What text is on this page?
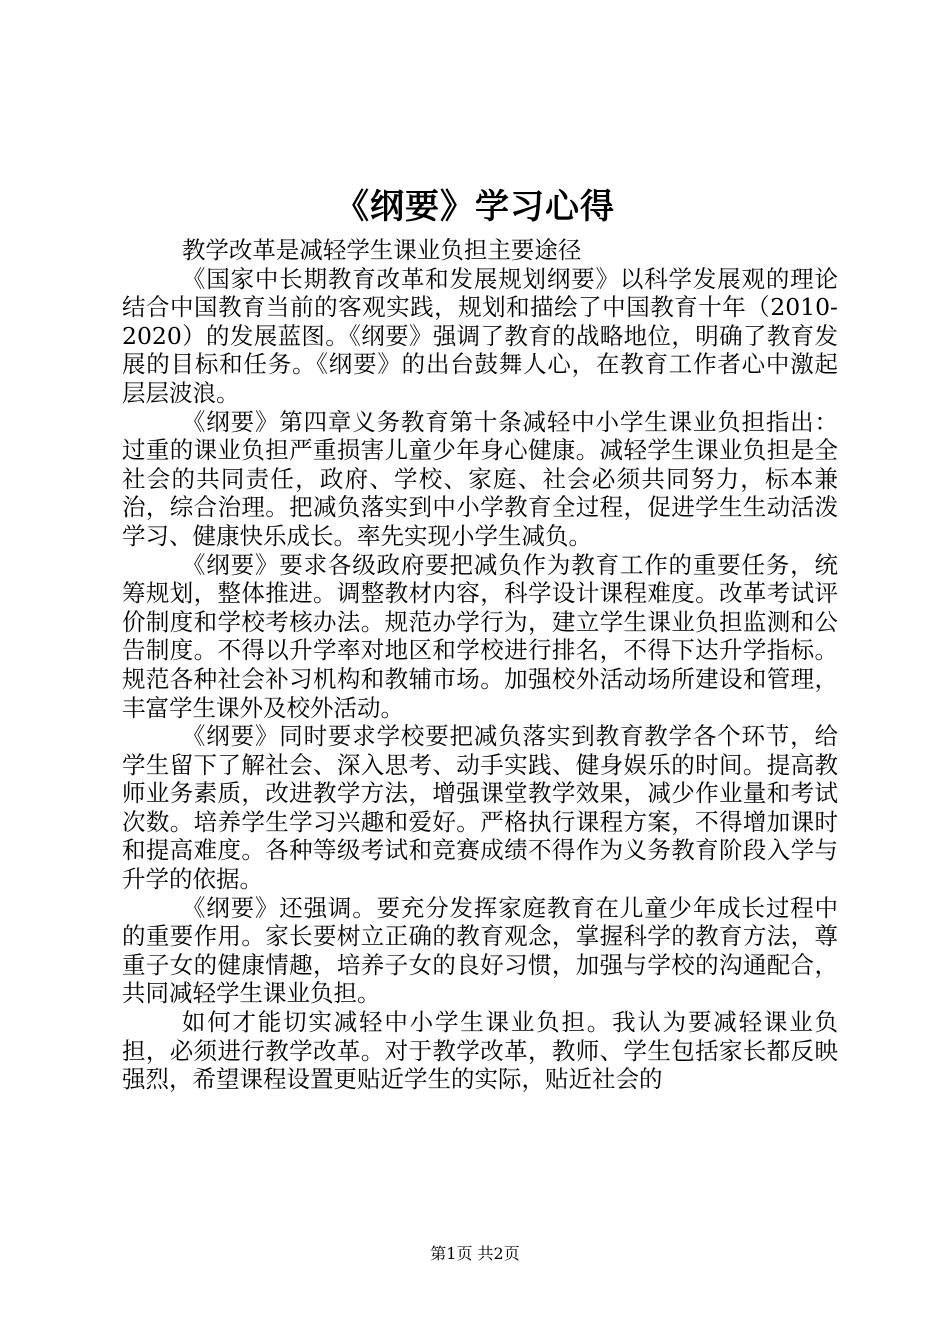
《纲要》学习心得

教学改革是减轻学生课业负担主要途径

《国家中长期教育改革和发展规划纲要》以科学发展观的理论结合中国教育当前的客观实践，规划和描绘了中国教育十年（2010-2020）的发展蓝图。《纲要》强调了教育的战略地位，明确了教育发展的目标和任务。《纲要》的出台鼓舞人心，在教育工作者心中激起层层波浪。

《纲要》第四章义务教育第十条减轻中小学生课业负担指出：过重的课业负担严重损害儿童少年身心健康。减轻学生课业负担是全社会的共同责任，政府、学校、家庭、社会必须共同努力，标本兼治，综合治理。把减负落实到中小学教育全过程，促进学生生动活泼学习、健康快乐成长。率先实现小学生减负。

《纲要》要求各级政府要把减负作为教育工作的重要任务，统筹规划，整体推进。调整教材内容，科学设计课程难度。改革考试评价制度和学校考核办法。规范办学行为，建立学生课业负担监测和公告制度。不得以升学率对地区和学校进行排名，不得下达升学指标。规范各种社会补习机构和教辅市场。加强校外活动场所建设和管理，丰富学生课外及校外活动。

《纲要》同时要求学校要把减负落实到教育教学各个环节，给学生留下了解社会、深入思考、动手实践、健身娱乐的时间。提高教师业务素质，改进教学方法，增强课堂教学效果，减少作业量和考试次数。培养学生学习兴趣和爱好。严格执行课程方案，不得增加课时和提高难度。各种等级考试和竞赛成绩不得作为义务教育阶段入学与升学的依据。

《纲要》还强调。要充分发挥家庭教育在儿童少年成长过程中的重要作用。家长要树立正确的教育观念，掌握科学的教育方法，尊重子女的健康情趣，培养子女的良好习惯，加强与学校的沟通配合，共同减轻学生课业负担。

如何才能切实减轻中小学生课业负担。我认为要减轻课业负担，必须进行教学改革。对于教学改革，教师、学生包括家长都反映强烈，希望课程设置更贴近学生的实际，贴近社会的

第1页 共2页
